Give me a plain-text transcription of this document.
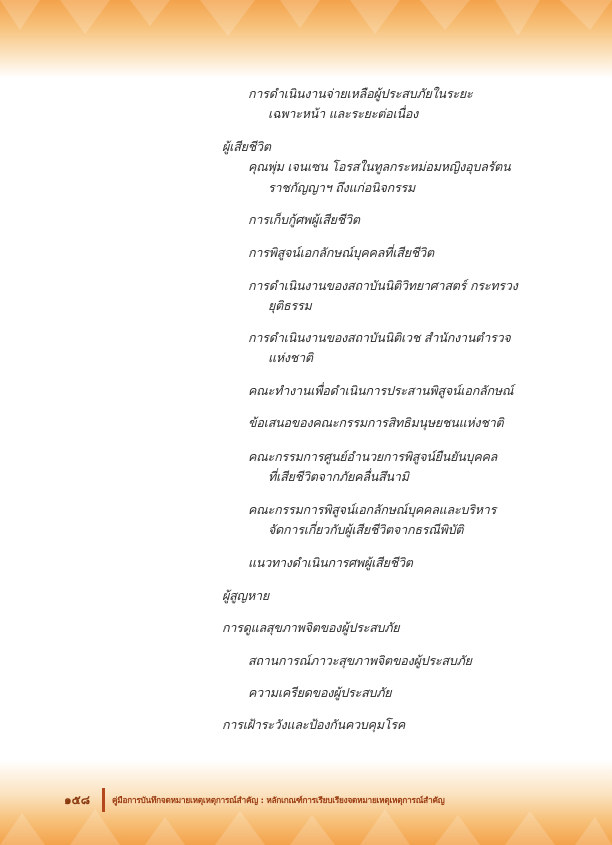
การดำเนินงานจ่ายเหลือผู้ประสบภัยในระยะ
เฉพาะหน้า และระยะต่อเนื่อง
ผู้เสียชีวิต
คุณพุ่ม เจนเซน โอรสในทูลกระหม่อมหญิงอุบลรัตน
ราชกัญญาฯ ถึงแก่อนิจกรรม
การเก็บกู้ศพผู้เสียชีวิต
การพิสูจน์เอกลักษณ์บุคคลที่เสียชีวิต
การดำเนินงานของสถาบันนิติวิทยาศาสตร์ กระทรวง
ยุติธรรม
การดำเนินงานของสถาบันนิติเวช สำนักงานตำรวจ
แห่งชาติ
คณะทำงานเพื่อดำเนินการประสานพิสูจน์เอกลักษณ์
ข้อเสนอของคณะกรรมการสิทธิมนุษยชนแห่งชาติ
คณะกรรมการศูนย์อำนวยการพิสูจน์ยืนยันบุคคล
ที่เสียชีวิตจากภัยคลื่นสึนามิ
คณะกรรมการพิสูจน์เอกลักษณ์บุคคลและบริหาร
จัดการเกี่ยวกับผู้เสียชีวิตจากธรณีพิบัติ
แนวทางดำเนินการศพผู้เสียชีวิต
ผู้สูญหาย
การดูแลสุขภาพจิตของผู้ประสบภัย
สถานการณ์ภาวะสุขภาพจิตของผู้ประสบภัย
ความเครียดของผู้ประสบภัย
การเฝ้าระวังและป้องกันควบคุมโรค
๑๕๘	คู่มือการบันทึกจดหมายเหตุเหตุการณ์สำคัญ : หลักเกณฑ์การเรียบเรียงจดหมายเหตุเหตุการณ์สำคัญ
